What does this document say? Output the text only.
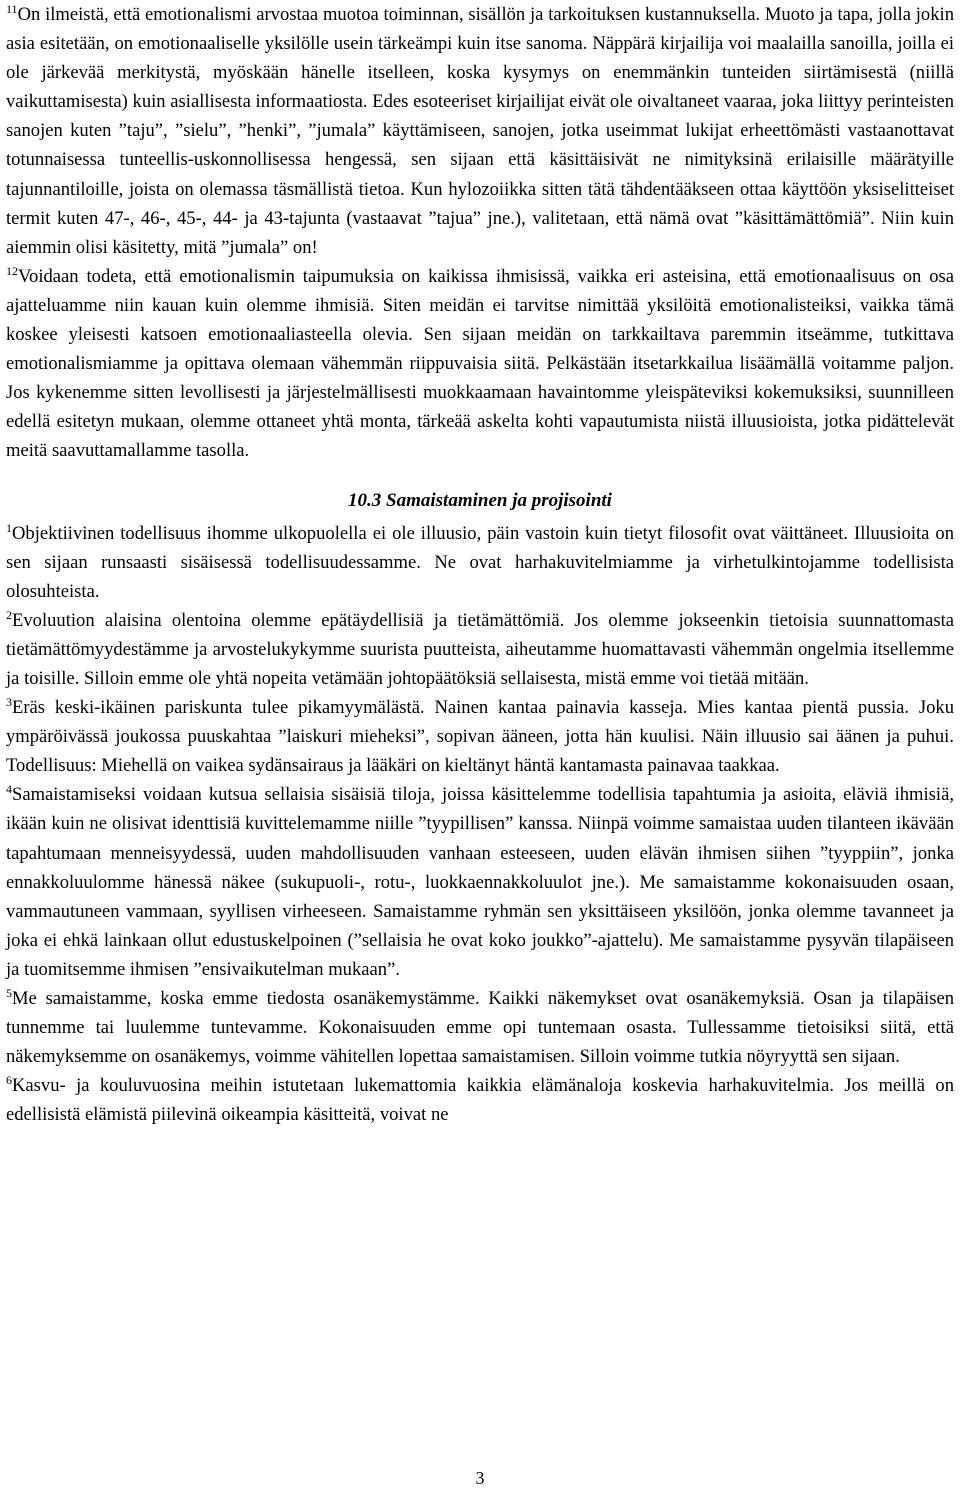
$^{11}$On ilmeistä, että emotionalismi arvostaa muotoa toiminnan, sisällön ja tarkoituksen kustannuksella. Muoto ja tapa, jolla jokin asia esitetään, on emotionaaliselle yksilölle usein tärkeämpi kuin itse sanoma. Näppärä kirjailija voi maalailla sanoilla, joilla ei ole järkevää merkitystä, myöskään hänelle itselleen, koska kysymys on enemmänkin tunteiden siirtämisestä (niillä vaikuttamisesta) kuin asiallisesta informaatiosta. Edes esoteeriset kirjailijat eivät ole oivaltaneet vaaraa, joka liittyy perinteisten sanojen kuten ”taju”, ”sielu”, ”henki”, ”jumala” käyttämiseen, sanojen, jotka useimmat lukijat erheettömästi vastaanottavat totunnaisessa tunteellis-uskonnollisessa hengessä, sen sijaan että käsittäisivät ne nimityksinä erilaisille määrätyille tajunnantiloille, joista on olemassa täsmällistä tietoa. Kun hylozoiikka sitten tätä tähdentääkseen ottaa käyttöön yksiselitteiset termit kuten 47-, 46-, 45-, 44- ja 43-tajunta (vastaavat ”tajua” jne.), valitetaan, että nämä ovat ”käsittämättömiä”. Niin kuin aiemmin olisi käsitetty, mitä ”jumala” on!

$^{12}$Voidaan todeta, että emotionalismin taipumuksia on kaikissa ihmisissä, vaikka eri asteisina, että emotionaalisuus on osa ajatteluamme niin kauan kuin olemme ihmisiä. Siten meidän ei tarvitse nimittää yksilöitä emotionalisteiksi, vaikka tämä koskee yleisesti katsoen emotionaaliasteella olevia. Sen sijaan meidän on tarkkailtava paremmin itseämme, tutkittava emotionalismiamme ja opittava olemaan vähemmän riippuvaisia siitä. Pelkästään itsetarkkailua lisäämällä voitamme paljon. Jos kykenemme sitten levollisesti ja järjestelmällisesti muokkaamaan havaintomme yleispäteviksi kokemuksiksi, suunnilleen edellä esitetyn mukaan, olemme ottaneet yhtä monta, tärkeää askelta kohti vapautumista niistä illuusioista, jotka pidättelevät meitä saavuttamallamme tasolla.

10.3 Samaistaminen ja projisointi

$^1$Objektiivinen todellisuus ihomme ulkopuolella ei ole illuusio, päin vastoin kuin tietyt filosofit ovat väittäneet. Illuusioita on sen sijaan runsaasti sisäisessä todellisuudessamme. Ne ovat harhakuvitelmiamme ja virhetulkintojamme todellisista olosuhteista.

$^2$Evoluution alaisina olentoina olemme epätäydellisiä ja tietämättömiä. Jos olemme jokseenkin tietoisia suunnattomasta tietämättömyydestämme ja arvostelukykymme suurista puutteista, aiheutamme huomattavasti vähemmän ongelmia itsellemme ja toisille. Silloin emme ole yhtä nopeita vetämään johtopäätöksiä sellaisesta, mistä emme voi tietää mitään.

$^3$Eräs keski-ikäinen pariskunta tulee pikamyymälästä. Nainen kantaa painavia kasseja. Mies kantaa pientä pussia. Joku ympäröivässä joukossa puuskahtaa ”laiskuri mieheksi”, sopivan ääneen, jotta hän kuulisi. Näin illuusio sai äänen ja puhui. Todellisuus: Miehellä on vaikea sydänsairaus ja lääkäri on kieltänyt häntä kantamasta painavaa taakkaa.

$^4$Samaistamiseksi voidaan kutsua sellaisia sisäisiä tiloja, joissa käsittelemme todellisia tapahtumia ja asioita, eläviä ihmisiä, ikään kuin ne olisivat identtisiä kuvittelemamme niille ”tyypillisen” kanssa. Niinpä voimme samaistaa uuden tilanteen ikävään tapahtumaan menneisyydessä, uuden mahdollisuuden vanhaan esteeseen, uuden elävän ihmisen siihen ”tyyppiin”, jonka ennakkoluulomme hänessä näkee (sukupuoli-, rotu-, luokkaennakkoluulot jne.). Me samaistamme kokonaisuuden osaan, vammautuneen vammaan, syyllisen virheeseen. Samaistamme ryhmän sen yksittäiseen yksilöön, jonka olemme tavanneet ja joka ei ehkä lainkaan ollut edustuskelpoinen (”sellaisia he ovat koko joukko”-ajattelu). Me samaistamme pysyvän tilapäiseen ja tuomitsemme ihmisen ”ensivaikutelman mukaan”.

$^5$Me samaistamme, koska emme tiedosta osanäkemystämme. Kaikki näkemykset ovat osanäkemyksiä. Osan ja tilapäisen tunnemme tai luulemme tuntevamme. Kokonaisuuden emme opi tuntemaan osasta. Tullessamme tietoisiksi siitä, että näkemyksemme on osanäkemys, voimme vähitellen lopettaa samaistamisen. Silloin voimme tutkia nöyryyttä sen sijaan.

$^6$Kasvu- ja kouluvuosina meihin istutetaan lukemattomia kaikkia elämänaloja koskevia harhakuvitelmia. Jos meillä on edellisistä elämistä piilevinä oikeampia käsitteitä, voivat ne

3
